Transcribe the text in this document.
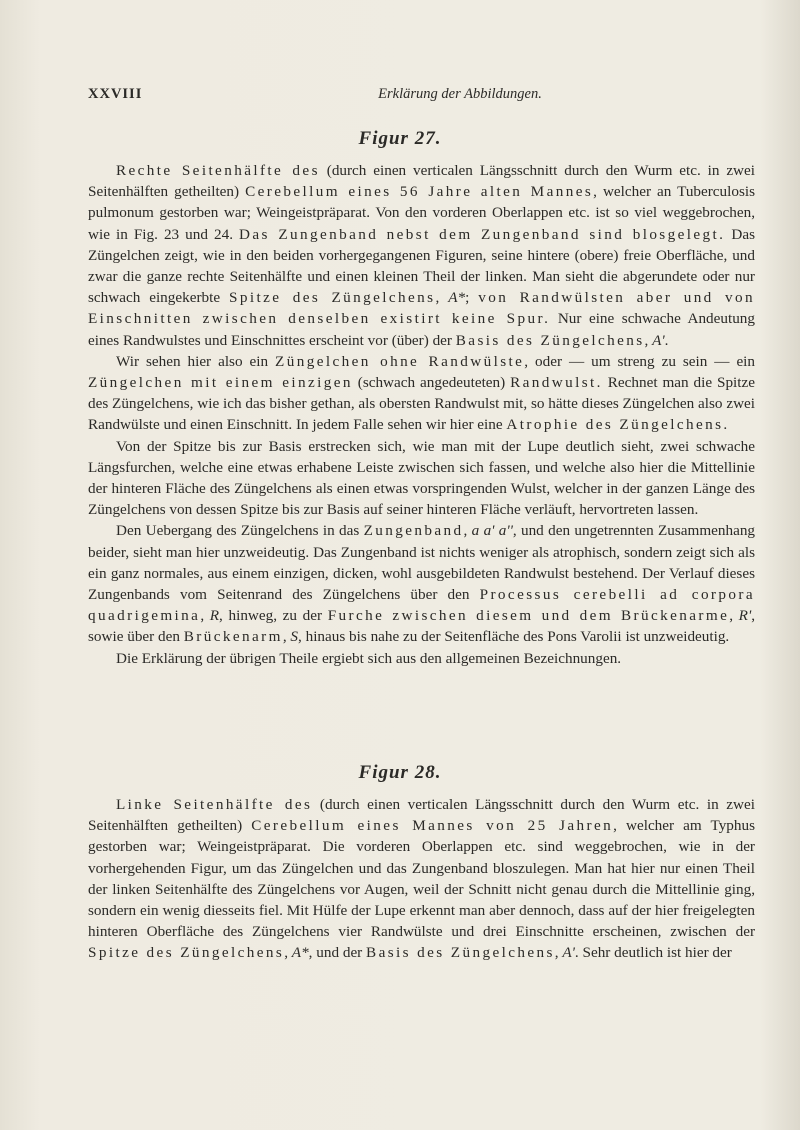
XXVIII	Erklärung der Abbildungen.
Figur 27.

Rechte Seitenhälfte des (durch einen verticalen Längsschnitt durch den Wurm etc. in zwei Seitenhälften getheilten) Cerebellum eines 56 Jahre alten Mannes, welcher an Tuberculosis pulmonum gestorben war; Weingeistpräparat. Von den vorderen Oberlappen etc. ist so viel weggebrochen, wie in Fig. 23 und 24. Das Zungenband nebst dem Zungenband sind blosgelegt. Das Züngelchen zeigt, wie in den beiden vorhergegangenen Figuren, seine hintere (obere) freie Oberfläche, und zwar die ganze rechte Seitenhälfte und einen kleinen Theil der linken. Man sieht die abgerundete oder nur schwach eingekerbte Spitze des Züngelchens, A*; von Randwülsten aber und von Einschnitten zwischen denselben existirt keine Spur. Nur eine schwache Andeutung eines Randwulstes und Einschnittes erscheint vor (über) der Basis des Züngelchens, A'.

Wir sehen hier also ein Züngelchen ohne Randwülste, oder — um streng zu sein — ein Züngelchen mit einem einzigen (schwach angedeuteten) Randwulst. Rechnet man die Spitze des Züngelchens, wie ich das bisher gethan, als obersten Randwulst mit, so hätte dieses Züngelchen also zwei Randwülste und einen Einschnitt. In jedem Falle sehen wir hier eine Atrophie des Züngelchens.

Von der Spitze bis zur Basis erstrecken sich, wie man mit der Lupe deutlich sieht, zwei schwache Längsfurchen, welche eine etwas erhabene Leiste zwischen sich fassen, und welche also hier die Mittellinie der hinteren Fläche des Züngelchens als einen etwas vorspringenden Wulst, welcher in der ganzen Länge des Züngelchens von dessen Spitze bis zur Basis auf seiner hinteren Fläche verläuft, hervortreten lassen.

Den Uebergang des Züngelchens in das Zungenband, a a' a'', und den ungetrennten Zusammenhang beider, sieht man hier unzweideutig. Das Zungenband ist nichts weniger als atrophisch, sondern zeigt sich als ein ganz normales, aus einem einzigen, dicken, wohl ausgebildeten Randwulst bestehend. Der Verlauf dieses Zungenbands vom Seitenrand des Züngelchens über den Processus cerebelli ad corpora quadrigemina, R, hinweg, zu der Furche zwischen diesem und dem Brückenarme, R', sowie über den Brückenarm, S, hinaus bis nahe zu der Seitenfläche des Pons Varolii ist unzweideutig.

Die Erklärung der übrigen Theile ergiebt sich aus den allgemeinen Bezeichnungen.

Figur 28.

Linke Seitenhälfte des (durch einen verticalen Längsschnitt durch den Wurm etc. in zwei Seitenhälften getheilten) Cerebellum eines Mannes von 25 Jahren, welcher am Typhus gestorben war; Weingeistpräparat. Die vorderen Oberlappen etc. sind weggebrochen, wie in der vorhergehenden Figur, um das Züngelchen und das Zungenband bloszulegen. Man hat hier nur einen Theil der linken Seitenhälfte des Züngelchens vor Augen, weil der Schnitt nicht genau durch die Mittellinie ging, sondern ein wenig diesseits fiel. Mit Hülfe der Lupe erkennt man aber dennoch, dass auf der hier freigelegten hinteren Oberfläche des Züngelchens vier Randwülste und drei Einschnitte erscheinen, zwischen der Spitze des Züngelchens, A*, und der Basis des Züngelchens, A'. Sehr deutlich ist hier der
